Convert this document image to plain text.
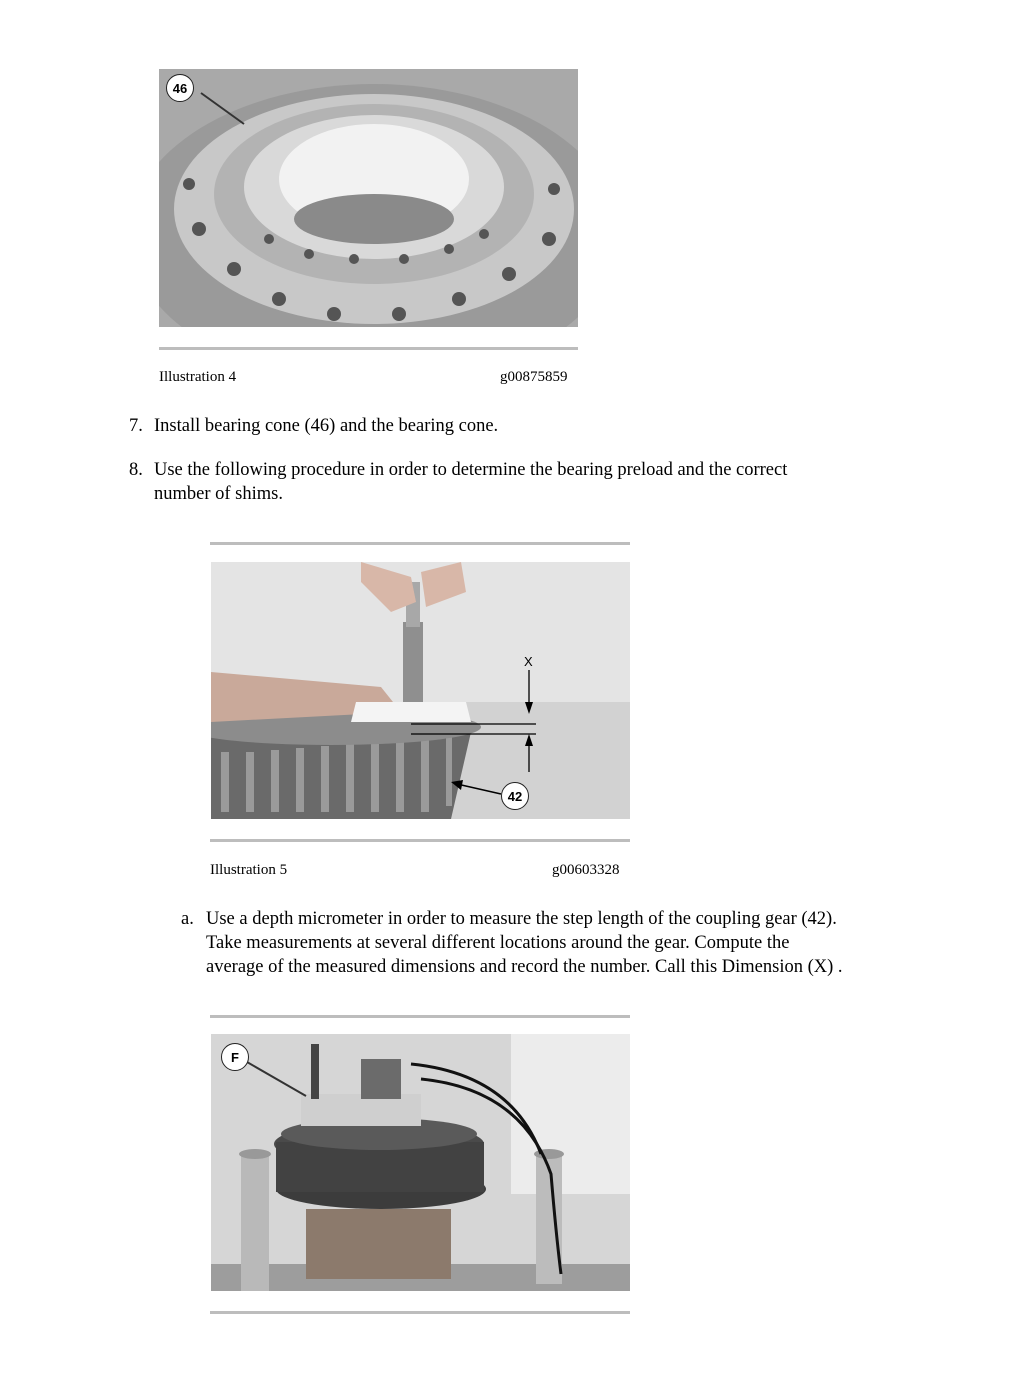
46
Illustration 4	g00875859
7. Install bearing cone (46) and the bearing cone.
8. Use the following procedure in order to determine the bearing preload and the correct
number of shims.
X
42
Illustration 5	g00603328
a. Use a depth micrometer in order to measure the step length of the coupling gear (42).
Take measurements at several different locations around the gear. Compute the
average of the measured dimensions and record the number. Call this Dimension (X) .
F
